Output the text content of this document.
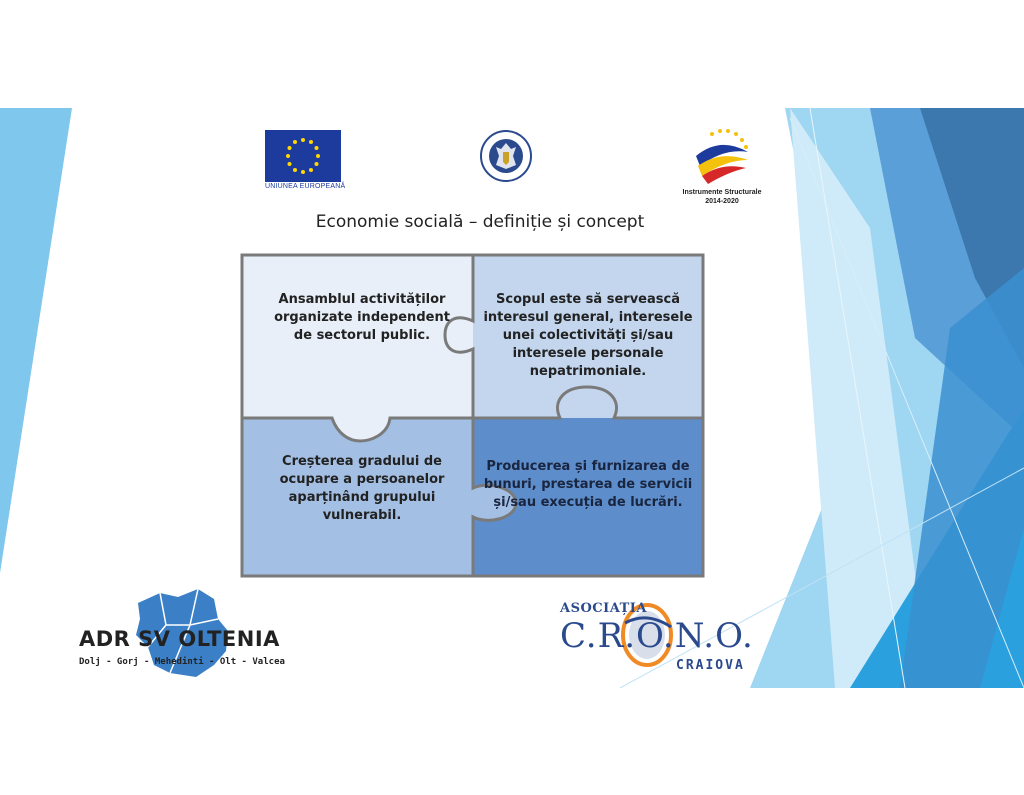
UNIUNEA EUROPEANĂ
Instrumente Structurale
2014-2020
Economie socială – definiție și concept
Ansamblul activităților
organizate independent
de sectorul public.
Scopul este să servească
interesul general, interesele
unei colectivități și/sau
interesele personale
nepatrimoniale.
Creșterea gradului de
ocupare a persoanelor
aparținând grupului
vulnerabil.
Producerea și furnizarea de
bunuri, prestarea de servicii
și/sau execuția de lucrări.
ADR SV OLTENIA
Dolj - Gorj - Mehedinti - Olt - Valcea
ASOCIAȚIA
C.R.O.N.O.
CRAIOVA
